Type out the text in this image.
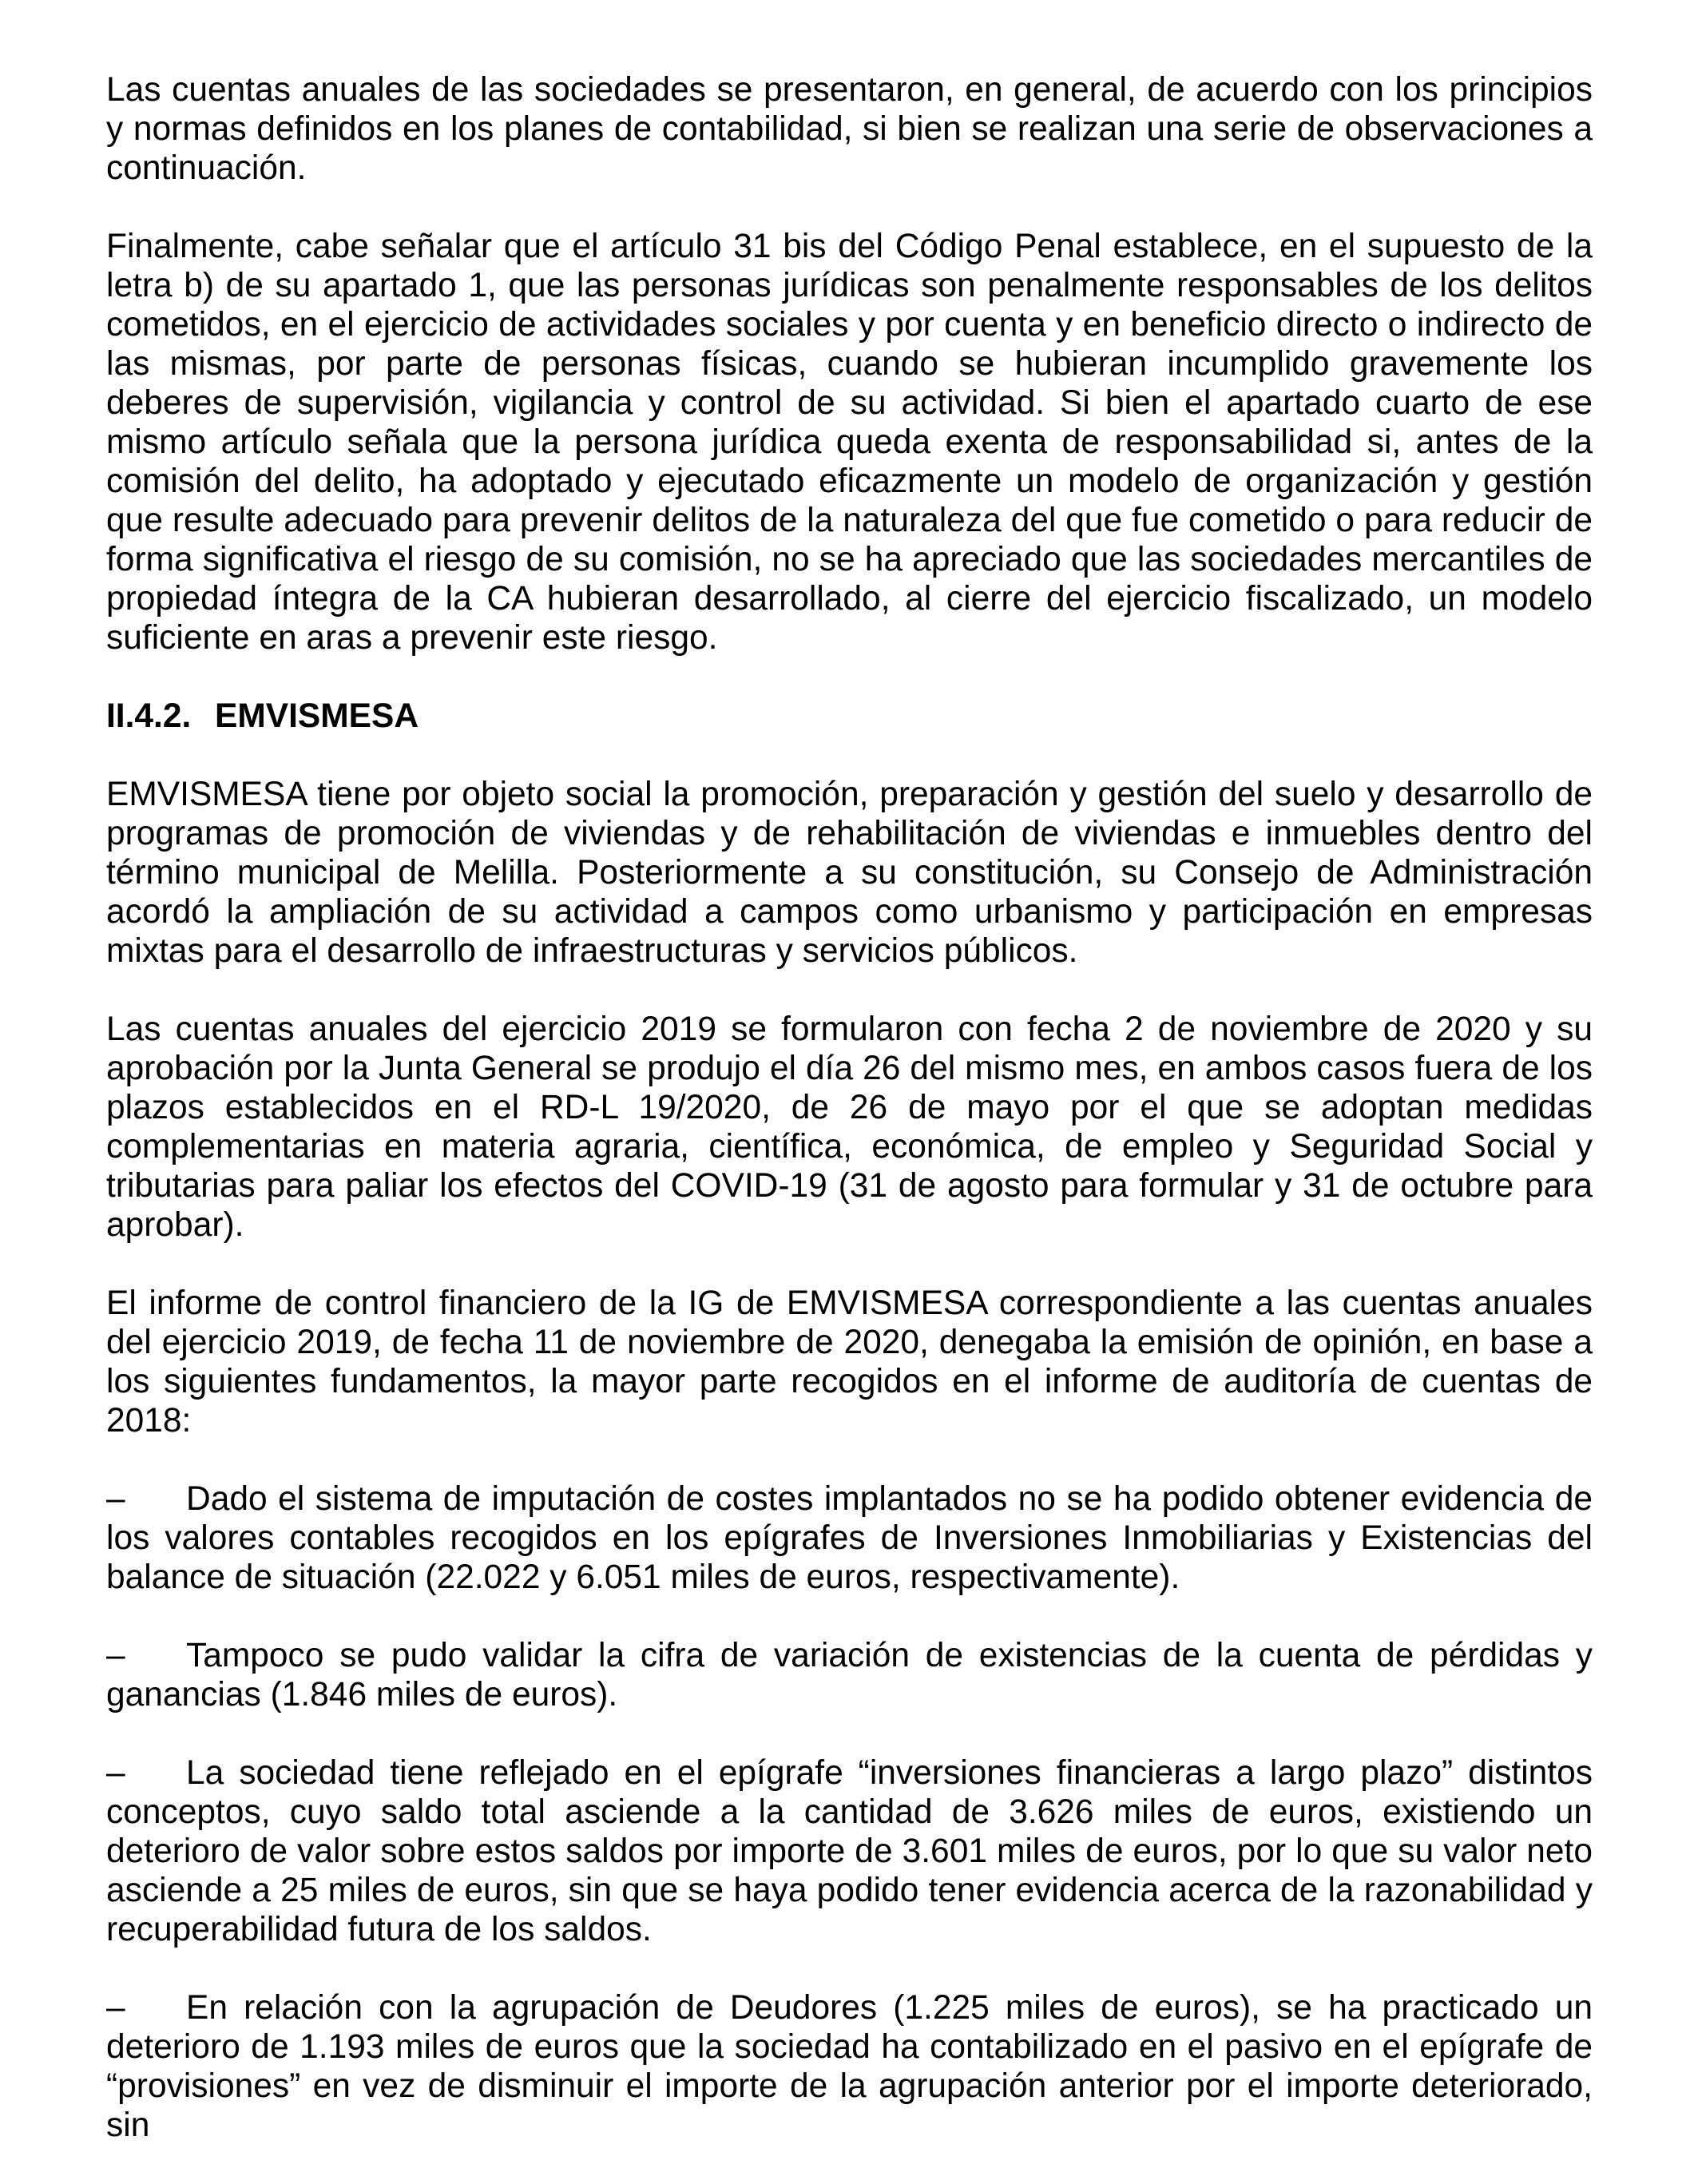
Las cuentas anuales de las sociedades se presentaron, en general, de acuerdo con los principios y normas definidos en los planes de contabilidad, si bien se realizan una serie de observaciones a continuación.

Finalmente, cabe señalar que el artículo 31 bis del Código Penal establece, en el supuesto de la letra b) de su apartado 1, que las personas jurídicas son penalmente responsables de los delitos cometidos, en el ejercicio de actividades sociales y por cuenta y en beneficio directo o indirecto de las mismas, por parte de personas físicas, cuando se hubieran incumplido gravemente los deberes de supervisión, vigilancia y control de su actividad. Si bien el apartado cuarto de ese mismo artículo señala que la persona jurídica queda exenta de responsabilidad si, antes de la comisión del delito, ha adoptado y ejecutado eficazmente un modelo de organización y gestión que resulte adecuado para prevenir delitos de la naturaleza del que fue cometido o para reducir de forma significativa el riesgo de su comisión, no se ha apreciado que las sociedades mercantiles de propiedad íntegra de la CA hubieran desarrollado, al cierre del ejercicio fiscalizado, un modelo suficiente en aras a prevenir este riesgo.

II.4.2. EMVISMESA

EMVISMESA tiene por objeto social la promoción, preparación y gestión del suelo y desarrollo de programas de promoción de viviendas y de rehabilitación de viviendas e inmuebles dentro del término municipal de Melilla. Posteriormente a su constitución, su Consejo de Administración acordó la ampliación de su actividad a campos como urbanismo y participación en empresas mixtas para el desarrollo de infraestructuras y servicios públicos.

Las cuentas anuales del ejercicio 2019 se formularon con fecha 2 de noviembre de 2020 y su aprobación por la Junta General se produjo el día 26 del mismo mes, en ambos casos fuera de los plazos establecidos en el RD-L 19/2020, de 26 de mayo por el que se adoptan medidas complementarias en materia agraria, científica, económica, de empleo y Seguridad Social y tributarias para paliar los efectos del COVID-19 (31 de agosto para formular y 31 de octubre para aprobar).

El informe de control financiero de la IG de EMVISMESA correspondiente a las cuentas anuales del ejercicio 2019, de fecha 11 de noviembre de 2020, denegaba la emisión de opinión, en base a los siguientes fundamentos, la mayor parte recogidos en el informe de auditoría de cuentas de 2018:

– Dado el sistema de imputación de costes implantados no se ha podido obtener evidencia de los valores contables recogidos en los epígrafes de Inversiones Inmobiliarias y Existencias del balance de situación (22.022 y 6.051 miles de euros, respectivamente).

– Tampoco se pudo validar la cifra de variación de existencias de la cuenta de pérdidas y ganancias (1.846 miles de euros).

– La sociedad tiene reflejado en el epígrafe “inversiones financieras a largo plazo” distintos conceptos, cuyo saldo total asciende a la cantidad de 3.626 miles de euros, existiendo un deterioro de valor sobre estos saldos por importe de 3.601 miles de euros, por lo que su valor neto asciende a 25 miles de euros, sin que se haya podido tener evidencia acerca de la razonabilidad y recuperabilidad futura de los saldos.

– En relación con la agrupación de Deudores (1.225 miles de euros), se ha practicado un deterioro de 1.193 miles de euros que la sociedad ha contabilizado en el pasivo en el epígrafe de “provisiones” en vez de disminuir el importe de la agrupación anterior por el importe deteriorado, sin
